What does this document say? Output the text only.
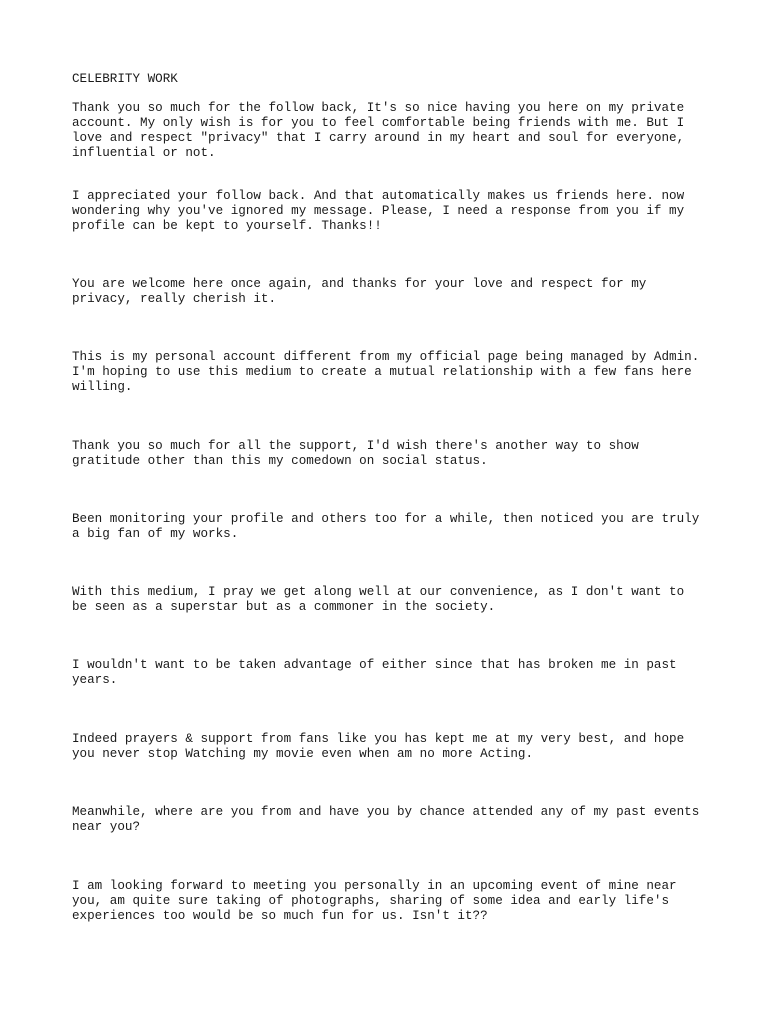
CELEBRITY WORK

Thank you so much for the follow back, It's so nice having you here on my private
account. My only wish is for you to feel comfortable being friends with me. But I
love and respect "privacy" that I carry around in my heart and soul for everyone,
influential or not.

I appreciated your follow back. And that automatically makes us friends here. now
wondering why you've ignored my message. Please, I need a response from you if my
profile can be kept to yourself. Thanks!!

You are welcome here once again, and thanks for your love and respect for my
privacy, really cherish it.

This is my personal account different from my official page being managed by Admin.
I'm hoping to use this medium to create a mutual relationship with a few fans here
willing.

Thank you so much for all the support, I'd wish there's another way to show
gratitude other than this my comedown on social status.

Been monitoring your profile and others too for a while, then noticed you are truly
a big fan of my works.

With this medium, I pray we get along well at our convenience, as I don't want to
be seen as a superstar but as a commoner in the society.

I wouldn't want to be taken advantage of either since that has broken me in past
years.

Indeed prayers & support from fans like you has kept me at my very best, and hope
you never stop Watching my movie even when am no more Acting.

Meanwhile, where are you from and have you by chance attended any of my past events
near you?

I am looking forward to meeting you personally in an upcoming event of mine near
you, am quite sure taking of photographs, sharing of some idea and early life's
experiences too would be so much fun for us. Isn't it??
